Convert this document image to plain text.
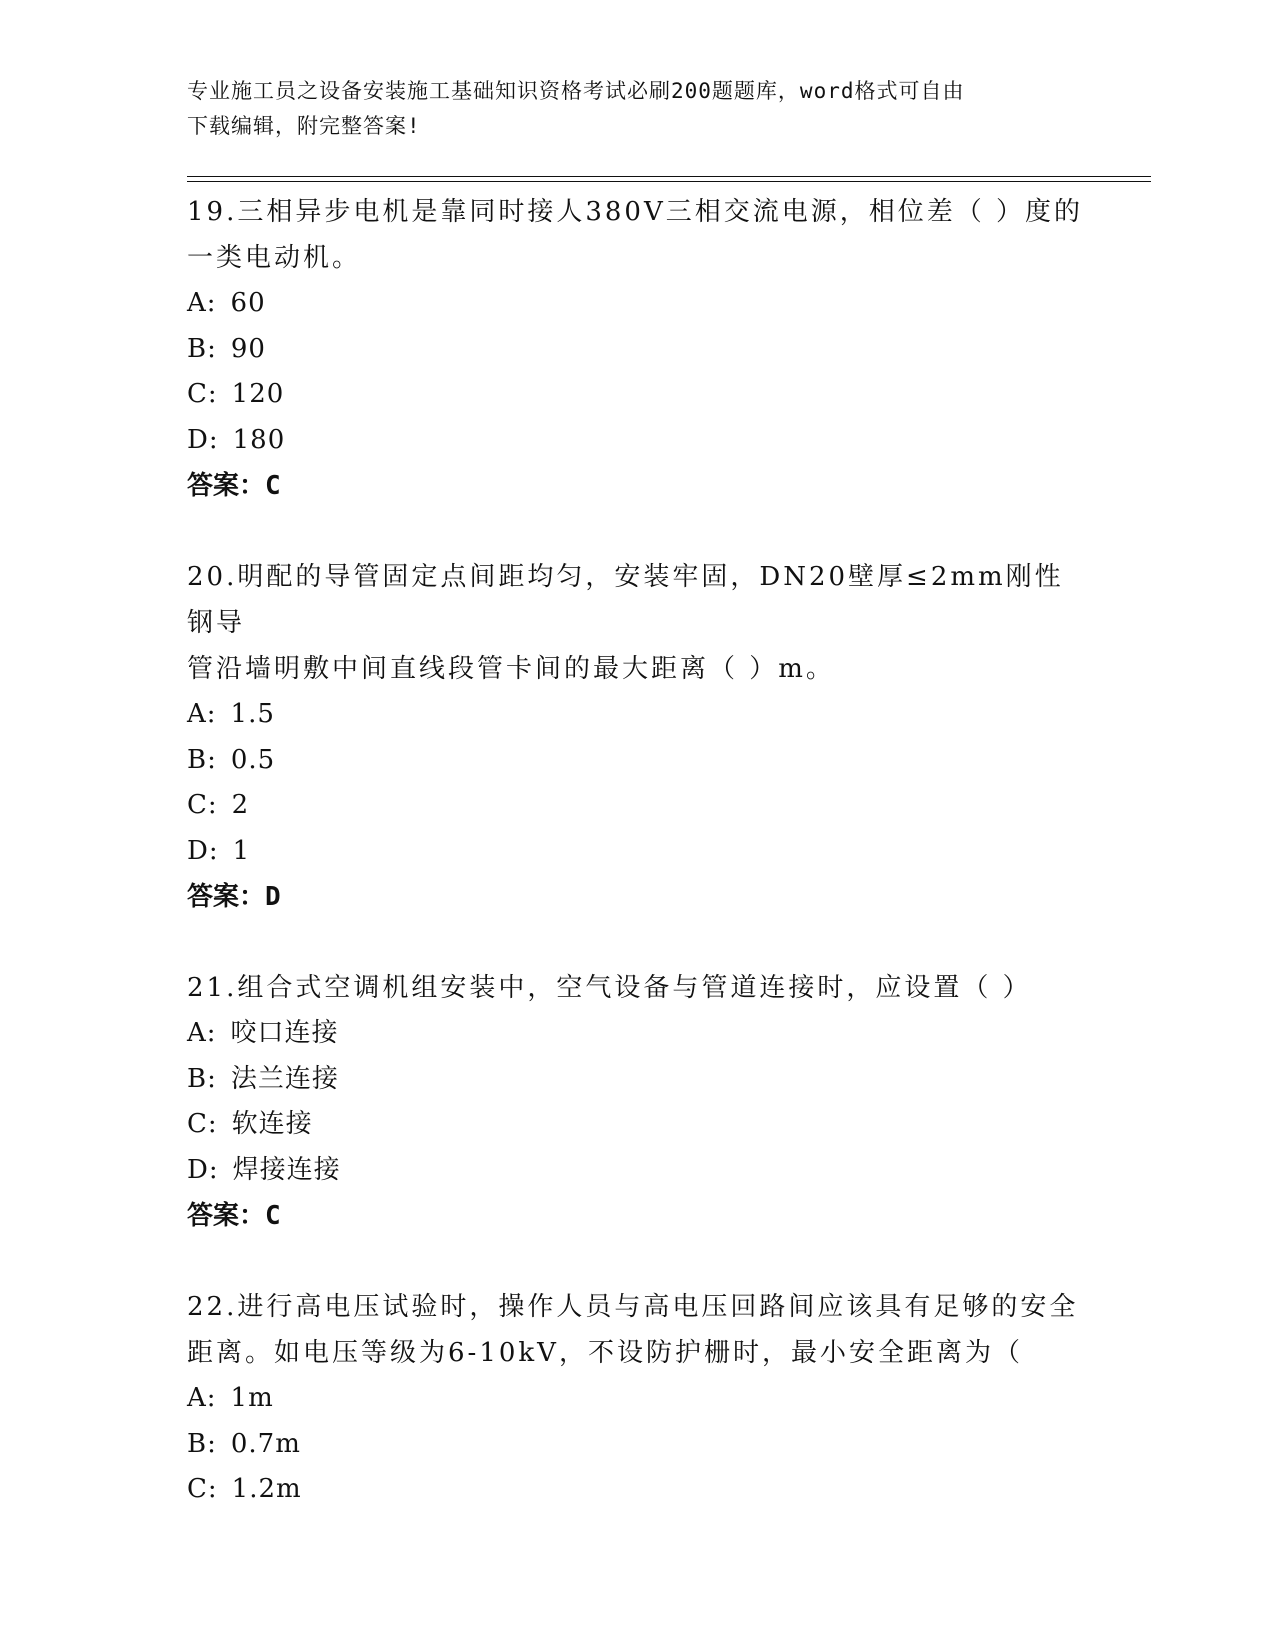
专业施工员之设备安装施工基础知识资格考试必刷200题题库，word格式可自由
下载编辑，附完整答案!
19.三相异步电机是靠同时接人380V三相交流电源，相位差（ ）度的
一类电动机。
A: 60
B: 90
C: 120
D: 180
答案：C
20.明配的导管固定点间距均匀，安装牢固，DN20壁厚≤2mm刚性钢导
管沿墙明敷中间直线段管卡间的最大距离（ ）m。
A: 1.5
B: 0.5
C: 2
D: 1
答案：D
21.组合式空调机组安装中，空气设备与管道连接时，应设置（ ）
A: 咬口连接
B: 法兰连接
C: 软连接
D: 焊接连接
答案：C
22.进行高电压试验时，操作人员与高电压回路间应该具有足够的安全
距离。如电压等级为6-10kV，不设防护栅时，最小安全距离为（
A: 1m
B: 0.7m
C: 1.2m
